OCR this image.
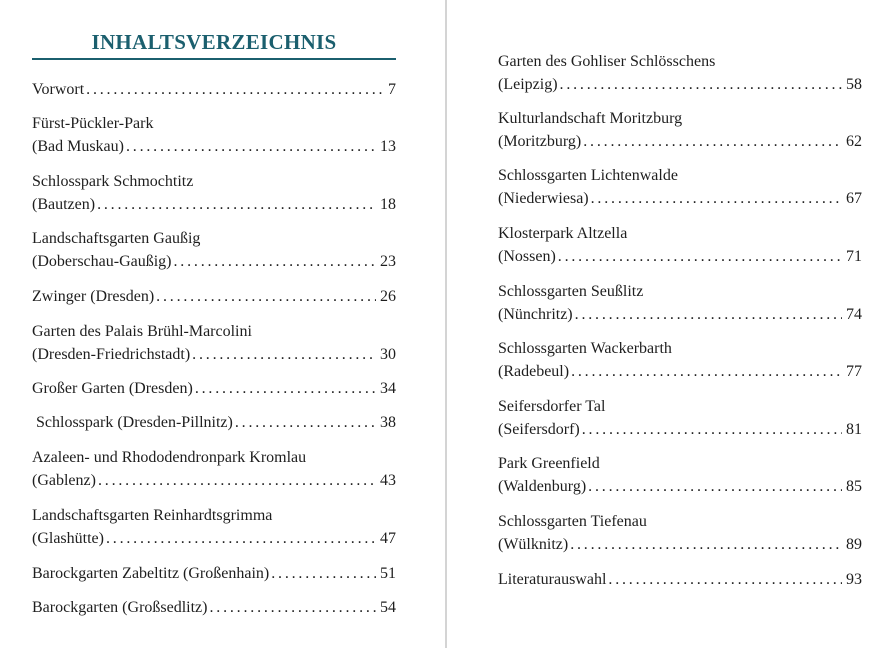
INHALTSVERZEICHNIS
Vorwort . . .	7
Fürst-Pückler-Park
(Bad Muskau) . . .	13
Schlosspark Schmochtitz
(Bautzen) . . .	18
Landschaftsgarten Gaußig
(Doberschau-Gaußig) . . .	23
Zwinger (Dresden) . . .	26
Garten des Palais Brühl-Marcolini
(Dresden-Friedrichstadt) . . .	30
Großer Garten (Dresden) . . .	34
Schlosspark (Dresden-Pillnitz) . . .	38
Azaleen- und Rhododendronpark Kromlau
(Gablenz) . . .	43
Landschaftsgarten Reinhardtsgrimma
(Glashütte) . . .	47
Barockgarten Zabeltitz (Großenhain) . . .	51
Barockgarten (Großsedlitz) . . .	54
Garten des Gohliser Schlösschens
(Leipzig) . . .	58
Kulturlandschaft Moritzburg
(Moritzburg) . . .	62
Schlossgarten Lichtenwalde
(Niederwiesa) . . .	67
Klosterpark Altzella
(Nossen) . . .	71
Schlossgarten Seußlitz
(Nünchritz) . . .	74
Schlossgarten Wackerbarth
(Radebeul) . . .	77
Seifersdorfer Tal
(Seifersdorf) . . .	81
Park Greenfield
(Waldenburg) . . .	85
Schlossgarten Tiefenau
(Wülknitz) . . .	89
Literaturauswahl . . .	93
